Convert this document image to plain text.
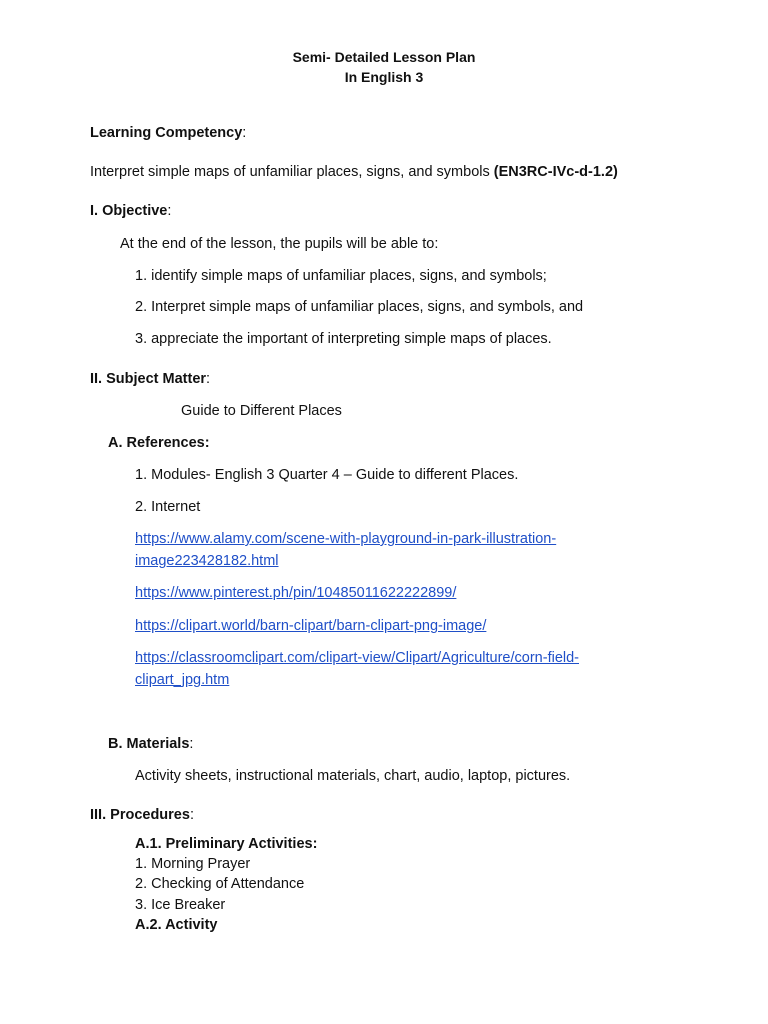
Semi- Detailed Lesson Plan
In English 3
Learning Competency:
Interpret simple maps of unfamiliar places, signs, and symbols (EN3RC-IVc-d-1.2)
I. Objective:
At the end of the lesson, the pupils will be able to:
1. identify simple maps of unfamiliar places, signs, and symbols;
2. Interpret simple maps of unfamiliar places, signs, and symbols, and
3. appreciate the important of interpreting simple maps of places.
II. Subject Matter:
Guide to Different Places
A. References:
1. Modules- English 3 Quarter 4 – Guide to different Places.
2. Internet
https://www.alamy.com/scene-with-playground-in-park-illustration-
image223428182.html
https://www.pinterest.ph/pin/10485011622222899/
https://clipart.world/barn-clipart/barn-clipart-png-image/
https://classroomclipart.com/clipart-view/Clipart/Agriculture/corn-field-
clipart_jpg.htm
B. Materials:
Activity sheets, instructional materials, chart, audio, laptop, pictures.
III. Procedures:
A.1. Preliminary Activities:
1. Morning Prayer
2. Checking of Attendance
3. Ice Breaker
A.2. Activity
